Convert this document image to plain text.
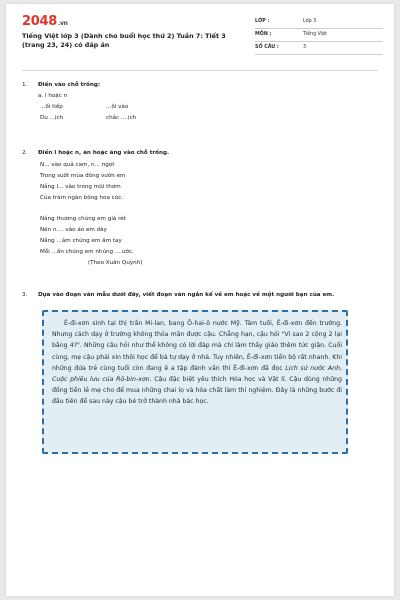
2048.vn
Tiếng Việt lớp 3 (Dành cho buổi học thứ 2) Tuần 7: Tiết 3 (trang 23, 24) có đáp án
LỚP :	Lớp 3
MÔN :	Tiếng Việt
SỐ CÂU :	3
1. Điền vào chỗ trống:
a. l hoặc n
...ối tiếp	...ối vào
Du ...ịch	chắc ....ịch
2. Điền l hoặc n, ăn hoặc ăng vào chỗ trống.
N... vào quả cam, n... ngọt
Trong suốt mùa đông vườn em
Nắng l... vào trong mũi thơm
Của trăm ngàn bông hoa cúc.
Nắng thương chúng em giá rét
Nên n.... vào áo em dày
Nắng ...ảm chúng em ấm tay
Mỗi ...ần chúng em nhúng ....ước.
(Theo Xuân Quỳnh)
3. Dựa vào đoạn văn mẫu dưới đây, viết đoạn văn ngắn kể về em hoặc về một người bạn của em.
Ê-đi-xơn sinh tại thị trấn Mi-lan, bang Ô-hai-ô nước Mỹ. Tám tuổi, Ê-đi-xơn đến trường. Nhưng cách dạy ở trường không thỏa mãn được cậu. Chẳng hạn, cậu hỏi "Vì sao 2 cộng 2 lại bằng 4?". Những câu hỏi như thế không có lời đáp mà chỉ làm thầy giáo thêm tức giận. Cuối cùng, mẹ cậu phải xin thôi học để bà tự dạy ở nhà. Tuy nhiên, Ê-đi-xơn tiến bộ rất nhanh. Khi những đứa trẻ cùng tuổi còn đang ê a tập đánh vần thì Ê-đi-xơn đã đọc Lịch sử nước Anh, Cuộc phiêu lưu của Rô-bin-xơn. Cậu đặc biệt yêu thích Hóa học và Vật lí. Cậu dùng những đồng tiền lẻ mẹ cho để mua những chai lọ và hóa chất làm thí nghiệm. Đây là những bước đi đầu tiên để sau này cậu bé trở thành nhà bác học.
